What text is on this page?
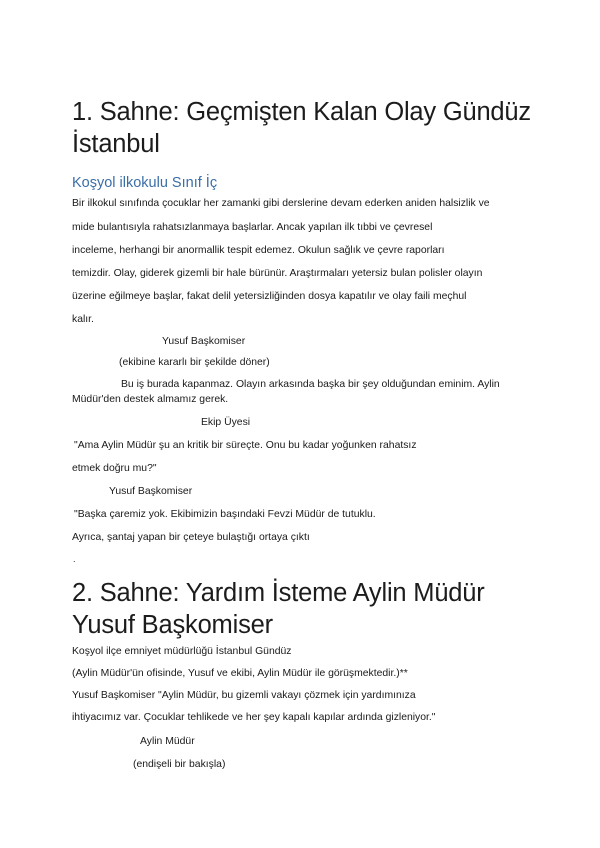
1. Sahne: Geçmişten Kalan Olay Gündüz
İstanbul
Koşyol ilkokulu Sınıf İç
Bir ilkokul sınıfında çocuklar her zamanki gibi derslerine devam ederken aniden halsizlik ve
mide bulantısıyla rahatsızlanmaya başlarlar. Ancak yapılan ilk tıbbi ve çevresel
inceleme, herhangi bir anormallik tespit edemez. Okulun sağlık ve çevre raporları
temizdir. Olay, giderek gizemli bir hale bürünür. Araştırmaları yetersiz bulan polisler olayın
üzerine eğilmeye başlar, fakat delil yetersizliğinden dosya kapatılır ve olay faili meçhul
kalır.
Yusuf Başkomiser
(ekibine kararlı bir şekilde döner)
Bu iş burada kapanmaz. Olayın arkasında başka bir şey olduğundan eminim. Aylin
Müdür'den destek almamız gerek.
Ekip Üyesi
"Ama Aylin Müdür şu an kritik bir süreçte. Onu bu kadar yoğunken rahatsız
etmek doğru mu?"
Yusuf Başkomiser
"Başka çaremiz yok. Ekibimizin başındaki Fevzi Müdür de tutuklu.
Ayrıca, şantaj yapan bir çeteye bulaştığı ortaya çıktı
.
2. Sahne: Yardım İsteme Aylin Müdür
Yusuf Başkomiser
Koşyol ilçe emniyet müdürlüğü İstanbul Gündüz
(Aylin Müdür'ün ofisinde, Yusuf ve ekibi, Aylin Müdür ile görüşmektedir.)**
Yusuf Başkomiser "Aylin Müdür, bu gizemli vakayı çözmek için yardımınıza
ihtiyacımız var. Çocuklar tehlikede ve her şey kapalı kapılar ardında gizleniyor."
Aylin Müdür
(endişeli bir bakışla)
